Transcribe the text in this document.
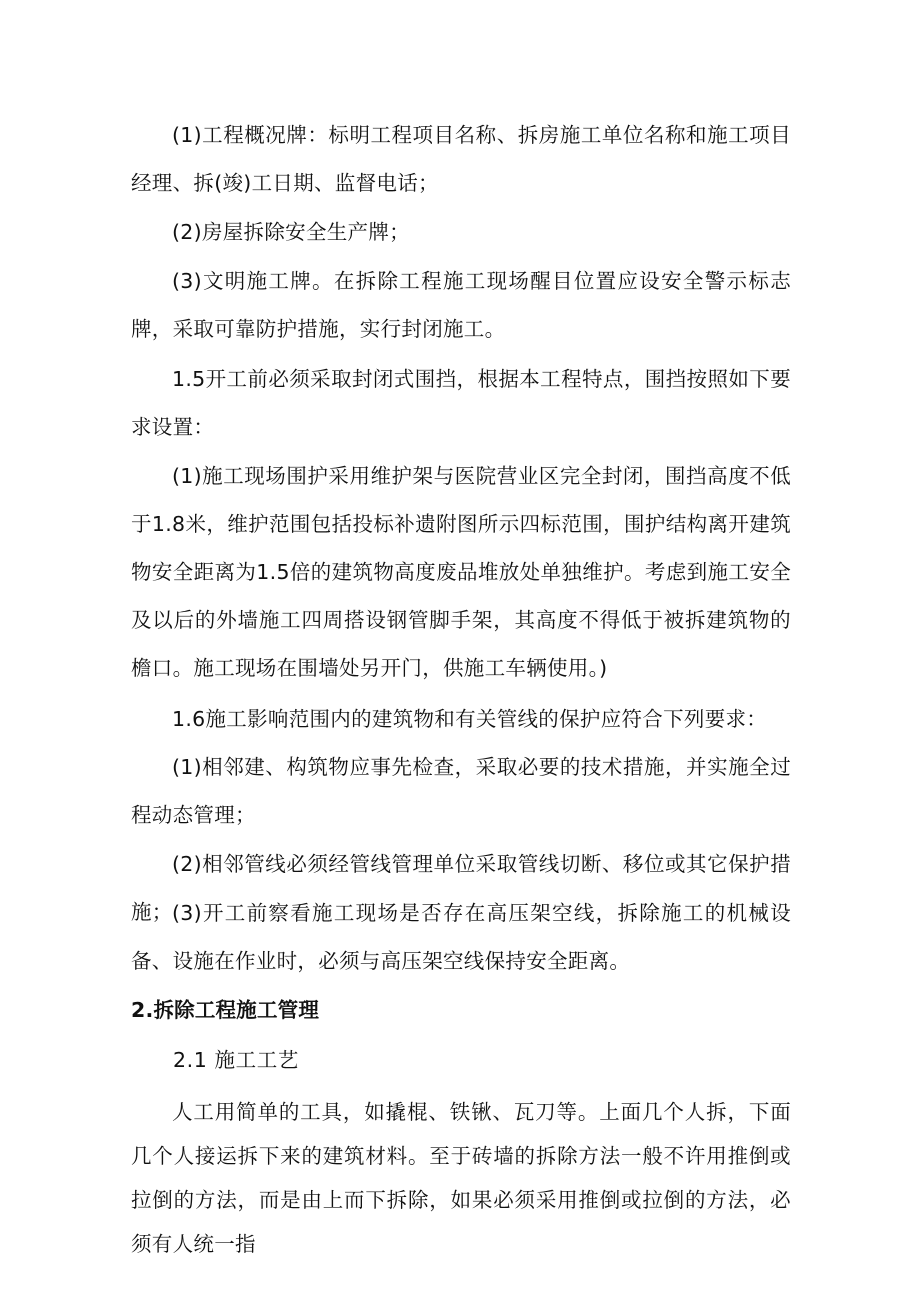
(1)工程概况牌：标明工程项目名称、拆房施工单位名称和施工项目经理、拆(竣)工日期、监督电话；

(2)房屋拆除安全生产牌；

(3)文明施工牌。在拆除工程施工现场醒目位置应设安全警示标志牌，采取可靠防护措施，实行封闭施工。

1.5开工前必须采取封闭式围挡，根据本工程特点，围挡按照如下要求设置：

(1)施工现场围护采用维护架与医院营业区完全封闭，围挡高度不低于1.8米，维护范围包括投标补遗附图所示四标范围，围护结构离开建筑物安全距离为1.5倍的建筑物高度废品堆放处单独维护。考虑到施工安全及以后的外墙施工四周搭设钢管脚手架，其高度不得低于被拆建筑物的檐口。施工现场在围墙处另开门，供施工车辆使用。)

1.6施工影响范围内的建筑物和有关管线的保护应符合下列要求：

(1)相邻建、构筑物应事先检查，采取必要的技术措施，并实施全过程动态管理；

(2)相邻管线必须经管线管理单位采取管线切断、移位或其它保护措施； (3)开工前察看施工现场是否存在高压架空线，拆除施工的机械设备、设施在作业时，必须与高压架空线保持安全距离。

2.拆除工程施工管理
2.1 施工工艺

人工用简单的工具，如撬棍、铁锹、瓦刀等。上面几个人拆，下面几个人接运拆下来的建筑材料。至于砖墙的拆除方法一般不许用推倒或拉倒的方法，而是由上而下拆除，如果必须采用推倒或拉倒的方法，必须有人统一指
